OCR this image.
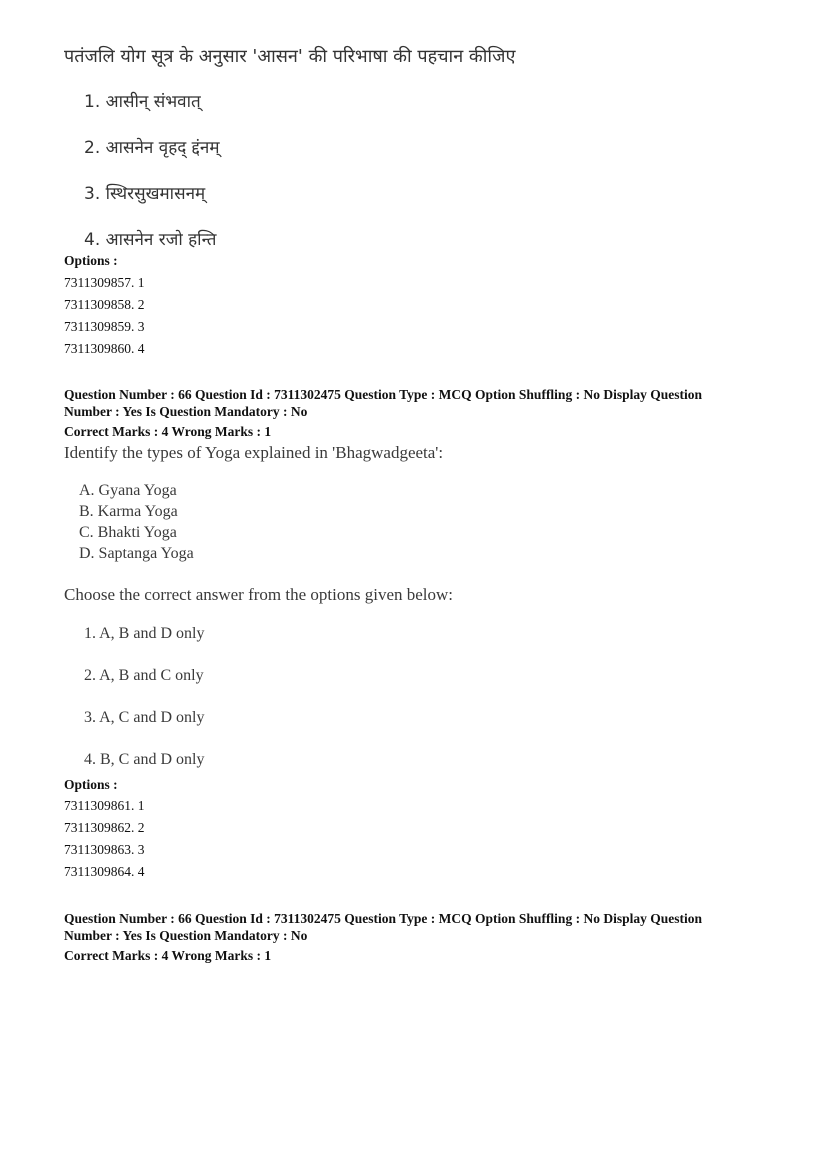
पतंजलि योग सूत्र के अनुसार 'आसन' की परिभाषा की पहचान कीजिए
1. आसीन् संभवात्
2. आसनेन वृहद् द्दंनम्
3. स्थिरसुखमासनम्
4. आसनेन रजो हन्ति
Options :
7311309857. 1
7311309858. 2
7311309859. 3
7311309860. 4
Question Number : 66 Question Id : 7311302475 Question Type : MCQ Option Shuffling : No Display Question
Number : Yes Is Question Mandatory : No
Correct Marks : 4 Wrong Marks : 1
Identify the types of Yoga explained in 'Bhagwadgeeta':
A. Gyana Yoga
B. Karma Yoga
C. Bhakti Yoga
D. Saptanga Yoga
Choose the correct answer from the options given below:
1. A, B and D only
2. A, B and C only
3. A, C and D only
4. B, C and D only
Options :
7311309861. 1
7311309862. 2
7311309863. 3
7311309864. 4
Question Number : 66 Question Id : 7311302475 Question Type : MCQ Option Shuffling : No Display Question
Number : Yes Is Question Mandatory : No
Correct Marks : 4 Wrong Marks : 1
